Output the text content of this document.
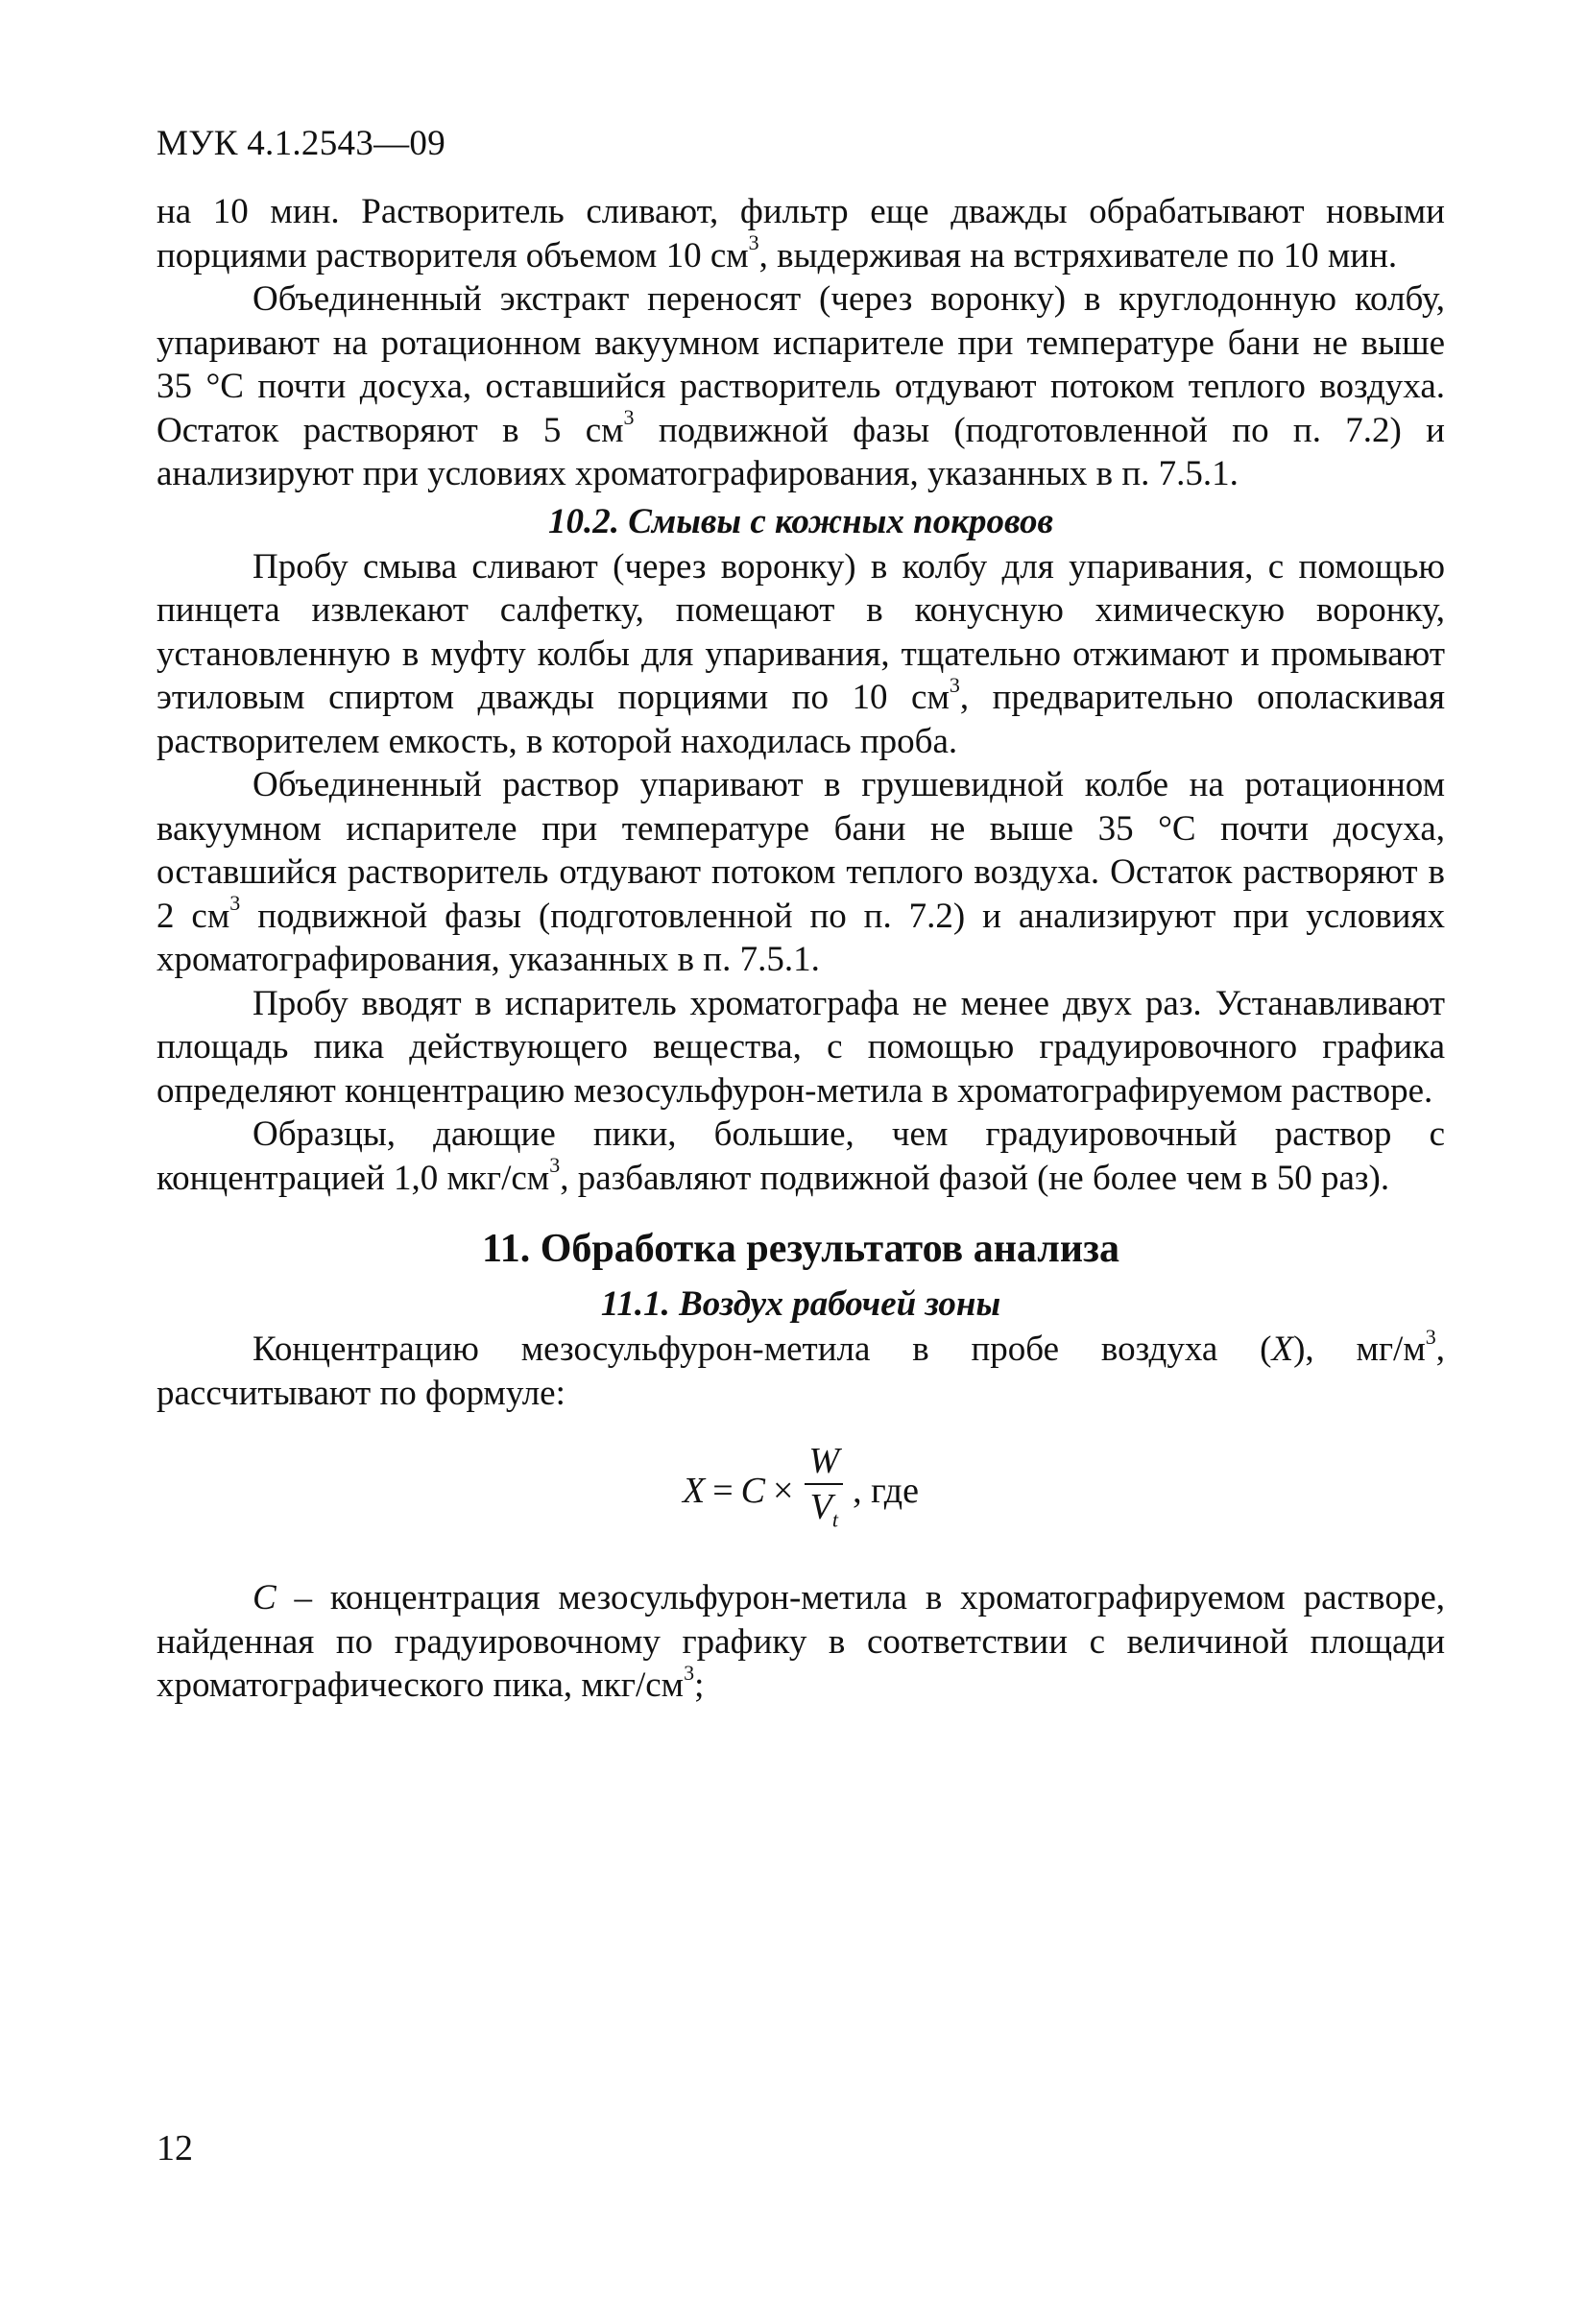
МУК 4.1.2543—09

на 10 мин. Растворитель сливают, фильтр еще дважды обрабатывают новыми порциями растворителя объемом 10 $см^3$, выдерживая на встряхивателе по 10 мин.

Объединенный экстракт переносят (через воронку) в круглодонную колбу, упаривают на ротационном вакуумном испарителе при температуре бани не выше 35 °С почти досуха, оставшийся растворитель отдувают потоком теплого воздуха. Остаток растворяют в 5 $см^3$ подвижной фазы (подготовленной по п. 7.2) и анализируют при условиях хроматографирования, указанных в п. 7.5.1.

10.2. Смывы с кожных покровов

Пробу смыва сливают (через воронку) в колбу для упаривания, с помощью пинцета извлекают салфетку, помещают в конусную химическую воронку, установленную в муфту колбы для упаривания, тщательно отжимают и промывают этиловым спиртом дважды порциями по 10 $см^3$, предварительно ополаскивая растворителем емкость, в которой находилась проба.

Объединенный раствор упаривают в грушевидной колбе на ротационном вакуумном испарителе при температуре бани не выше 35 °С почти досуха, оставшийся растворитель отдувают потоком теплого воздуха. Остаток растворяют в 2 $см^3$ подвижной фазы (подготовленной по п. 7.2) и анализируют при условиях хроматографирования, указанных в п. 7.5.1.

Пробу вводят в испаритель хроматографа не менее двух раз. Устанавливают площадь пика действующего вещества, с помощью градуировочного графика определяют концентрацию мезосульфурон-метила в хроматографируемом растворе.

Образцы, дающие пики, большие, чем градуировочный раствор с концентрацией 1,0 мкг/$см^3$, разбавляют подвижной фазой (не более чем в 50 раз).

11. Обработка результатов анализа
11.1. Воздух рабочей зоны

Концентрацию мезосульфурон-метила в пробе воздуха (X), $мг/м^3$, рассчитывают по формуле:

$X = C \times \frac{W}{V_t}$ , где

С – концентрация мезосульфурон-метила в хроматографируемом растворе, найденная по градуировочному графику в соответствии с величиной площади хроматографического пика, мкг/$см^3$;

12
